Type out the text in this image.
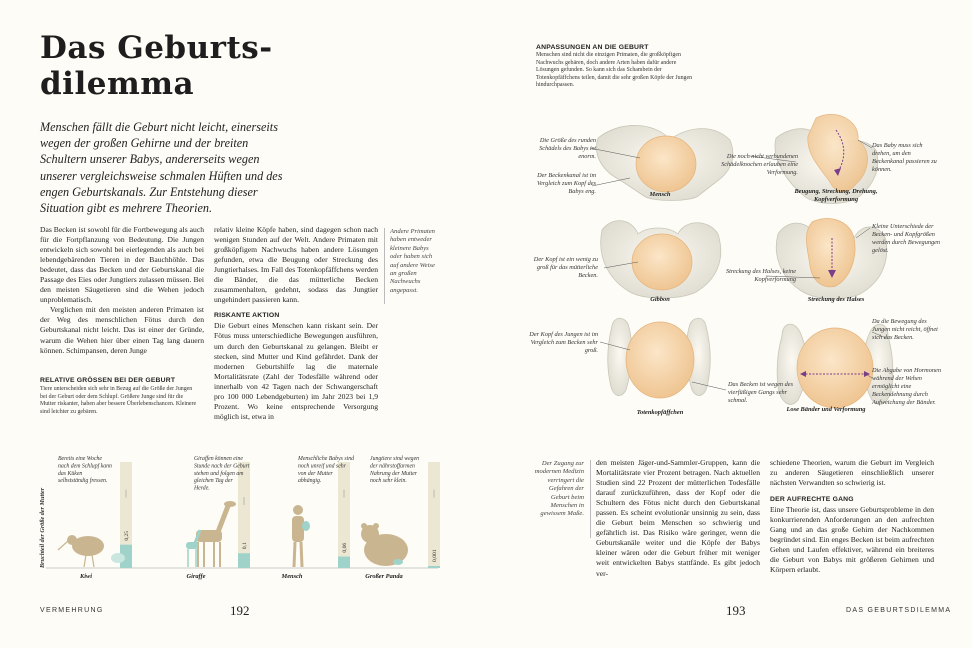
Das Geburts-
dilemma
Menschen fällt die Geburt nicht leicht, einerseits wegen der großen Gehirne und der breiten Schultern unserer Babys, andererseits wegen unserer vergleichsweise schmalen Hüften und des engen Geburtskanals. Zur Entstehung dieser Situation gibt es mehrere Theorien.

Das Becken ist sowohl für die Fortbewegung als auch für die Fortpflanzung von Bedeutung. Die Jungen entwickeln sich sowohl bei eierlegenden als auch bei lebendgebärenden Tieren in der Bauchhöhle. Das bedeutet, dass das Becken und der Geburtskanal die Passage des Eies oder Jungtiers zulassen müssen. Bei den meisten Säugetieren sind die Wehen jedoch unproblematisch.

Verglichen mit den meisten anderen Primaten ist der Weg des menschlichen Fötus durch den Geburtskanal nicht leicht. Das ist einer der Gründe, warum die Wehen hier über einen Tag lang dauern können. Schimpansen, deren Junge

RELATIVE GRÖSSEN BEI DER GEBURT

Tiere unterscheiden sich sehr in Bezug auf die Größe der Jungen bei der Geburt oder dem Schlupf. Größere Junge sind für die Mutter riskanter, haben aber bessere Überlebenschancen. Kleinere sind leichter zu gebären.

relativ kleine Köpfe haben, sind dagegen schon nach wenigen Stunden auf der Welt. Andere Primaten mit großköpfigem Nachwuchs haben andere Lösungen gefunden, etwa die Beugung oder Streckung des Jungtierhalses. Im Fall des Totenkopfäffchens werden die Bänder, die das mütterliche Becken zusammenhalten, gedehnt, sodass das Jungtier ungehindert passieren kann.

RISKANTE AKTION

Die Geburt eines Menschen kann riskant sein. Der Fötus muss unterschiedliche Bewegungen ausführen, um durch den Geburtskanal zu gelangen. Bleibt er stecken, sind Mutter und Kind gefährdet. Dank der modernen Geburtshilfe lag die maternale Mortalitätsrate (Zahl der Todesfälle während oder innerhalb von 42 Tagen nach der Schwangerschaft pro 100 000 Lebendgeburten) im Jahr 2023 bei 1,9 Prozent. Wo keine entsprechende Versorgung möglich ist, etwa in

Andere Primaten haben entweder kleinere Babys oder haben sich auf andere Weise an großen Nachwuchs angepasst.
Bruchteil der Größe der Mutter	0,25
Kiwi
Bereits eine Woche nach dem Schlupf kann das Küken selbstständig fressen.
0,1
Giraffe
Giraffen können eine Stunde nach der Geburt stehen und folgen am gleichen Tag der Herde.
0,06
Mensch
Menschliche Babys sind noch unreif und sehr von der Mutter abhängig.
0,001
Großer Panda
Jungtiere sind wegen der nährstoffarmen Nahrung der Mutter noch sehr klein.
VERMEHRUNG	192

ANPASSUNGEN AN DIE GEBURT

Menschen sind nicht die einzigen Primaten, die großköpfigen Nachwuchs gebären, doch andere Arten haben dafür andere Lösungen gefunden. So kann sich das Schambein der Totenkopfäffchens teilen, damit die sehr großen Köpfe der Jungen hindurchpassen.
Mensch	Beugung, Streckung, Drehung, Kopfverformung
Gibbon	Streckung des Halses
Totenkopfäffchen	Lose Bänder und Verformung
Die Größe des runden Schädels des Babys ist enorm.
Der Beckenkanal ist im Vergleich zum Kopf des Babys eng.
Die noch nicht verbundenen Schädelknochen erlauben eine Verformung.
Das Baby muss sich drehen, um den Beckenkanal passieren zu können.
Der Kopf ist ein wenig zu groß für das mütterliche Becken.
Streckung des Halses, keine Kopfverformung
Kleine Unterschiede der Becken- und Kopfgrößen werden durch Bewegungen gelöst.
Der Kopf des Jungen ist im Vergleich zum Becken sehr groß.
Das Becken ist wegen des vierfüßigen Gangs sehr schmal.
Da die Bewegung des Jungen nicht reicht, öffnet sich das Becken.
Die Abgabe von Hormonen während der Wehen ermöglicht eine Beckendehnung durch Aufweichung der Bänder.
Der Zugang zur modernen Medizin verringert die Gefahren der Geburt beim Menschen in gewissem Maße.

den meisten Jäger-und-Sammler-Gruppen, kann die Mortalitätsrate vier Prozent betragen. Nach aktuellen Studien sind 22 Prozent der mütterlichen Todesfälle darauf zurückzuführen, dass der Kopf oder die Schultern des Fötus nicht durch den Geburtskanal passen. Es scheint evolutionär unsinnig zu sein, dass die Geburt beim Menschen so schwierig und gefährlich ist. Das Risiko wäre geringer, wenn die Geburtskanäle weiter und die Köpfe der Babys kleiner wären oder die Geburt früher mit weniger weit entwickelten Babys stattfände. Es gibt jedoch ver-

schiedene Theorien, warum die Geburt im Vergleich zu anderen Säugetieren einschließlich unserer nächsten Verwandten so schwierig ist.

DER AUFRECHTE GANG

Eine Theorie ist, dass unsere Geburtsprobleme in den konkurrierenden Anforderungen an den aufrechten Gang und an das große Gehirn der Nachkommen begründet sind. Ein enges Becken ist beim aufrechten Gehen und Laufen effektiver, während ein breiteres die Geburt von Babys mit größeren Gehirnen und Körpern erlaubt.

193	DAS GEBURTSDILEMMA
